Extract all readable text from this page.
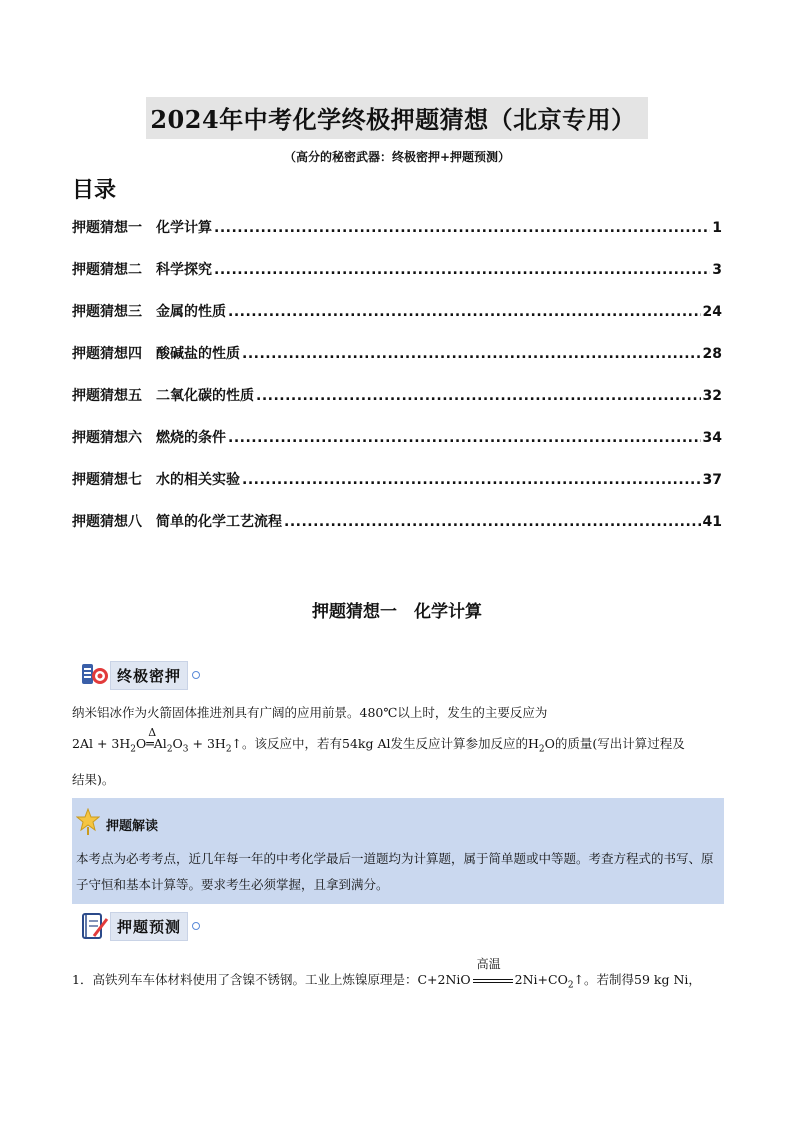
2024年中考化学终极押题猜想（北京专用）
（高分的秘密武器：终极密押+押题预测）
目录
押题猜想一 化学计算 .....	1
押题猜想二 科学探究 .....	3
押题猜想三 金属的性质 .....	24
押题猜想四 酸碱盐的性质 .....	28
押题猜想五 二氧化碳的性质 .....	32
押题猜想六 燃烧的条件 .....	34
押题猜想七 水的相关实验 .....	37
押题猜想八 简单的化学工艺流程 .....	41
押题猜想一　化学计算
终极密押
纳米铝冰作为火箭固体推进剂具有广阔的应用前景。480℃以上时，发生的主要反应为
$2Al + 3H_2O$
Δ
$═Al_2O_3$ + $3H_2↑$。该反应中，若有54kg Al发生反应计算参加反应的$H_2O$的质量(写出计算过程及
结果)。
押题解读
本考点为必考考点，近几年每一年的中考化学最后一道题均为计算题，属于简单题或中等题。考查方程式的书写、原子守恒和基本计算等。要求考生必须掌握，且拿到满分。
押题预测
1．高铁列车车体材料使用了含镍不锈钢。工业上炼镍原理是：C+2NiO
高温
$2Ni+CO_2↑$。若制得59 kg Ni，
